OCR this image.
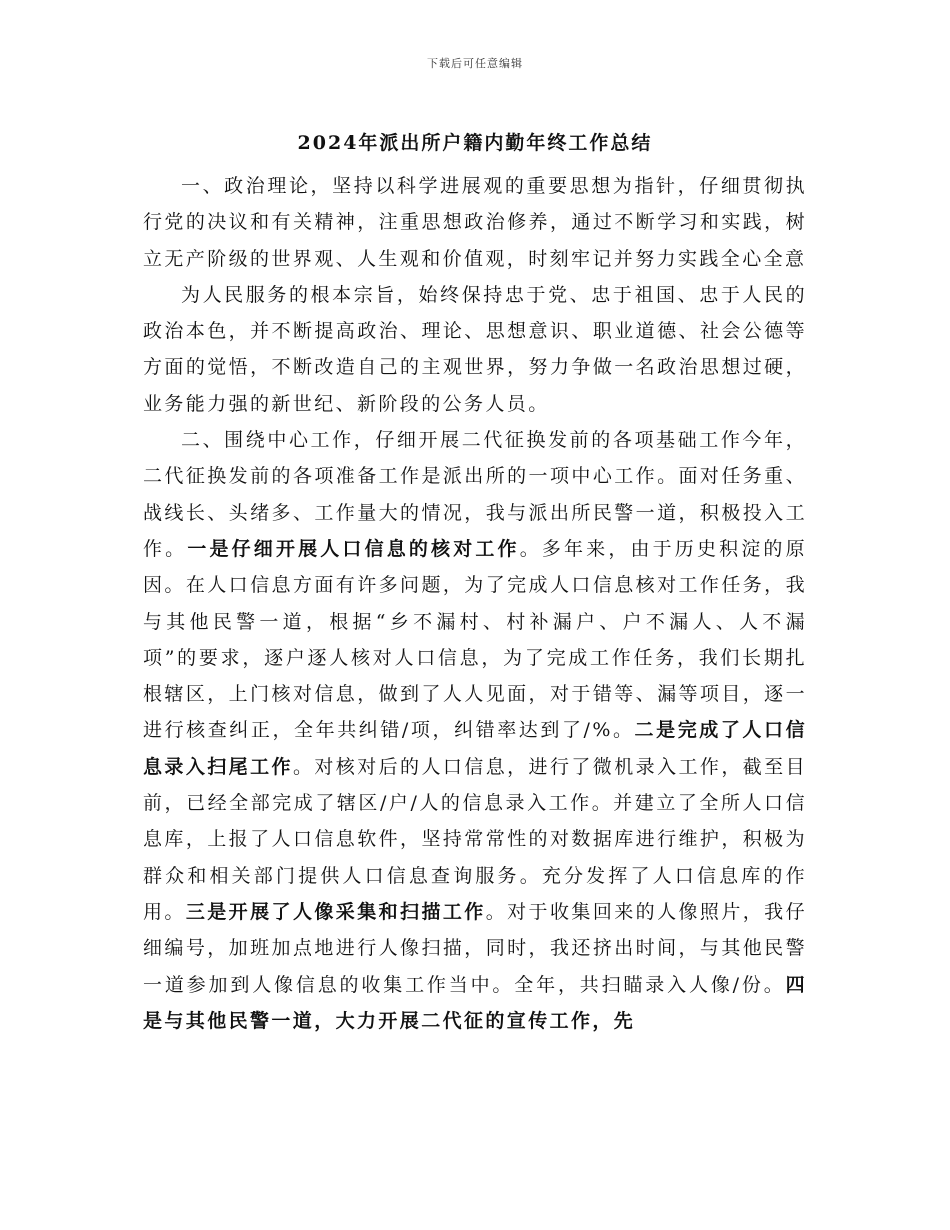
下载后可任意编辑
2024年派出所户籍内勤年终工作总结

一、政治理论，坚持以科学进展观的重要思想为指针，仔细贯彻执行党的决议和有关精神，注重思想政治修养，通过不断学习和实践，树立无产阶级的世界观、人生观和价值观，时刻牢记并努力实践全心全意

为人民服务的根本宗旨，始终保持忠于党、忠于祖国、忠于人民的政治本色，并不断提高政治、理论、思想意识、职业道德、社会公德等方面的觉悟，不断改造自己的主观世界，努力争做一名政治思想过硬，业务能力强的新世纪、新阶段的公务人员。

二、围绕中心工作，仔细开展二代征换发前的各项基础工作今年，二代征换发前的各项准备工作是派出所的一项中心工作。面对任务重、战线长、头绪多、工作量大的情况，我与派出所民警一道，积极投入工作。一是仔细开展人口信息的核对工作。多年来，由于历史积淀的原因。在人口信息方面有许多问题，为了完成人口信息核对工作任务，我与其他民警一道，根据“乡不漏村、村补漏户、户不漏人、人不漏项”的要求，逐户逐人核对人口信息，为了完成工作任务，我们长期扎根辖区，上门核对信息，做到了人人见面，对于错等、漏等项目，逐一进行核查纠正，全年共纠错/项，纠错率达到了/%。二是完成了人口信息录入扫尾工作。对核对后的人口信息，进行了微机录入工作，截至目前，已经全部完成了辖区/户/人的信息录入工作。并建立了全所人口信息库，上报了人口信息软件，坚持常常性的对数据库进行维护，积极为群众和相关部门提供人口信息查询服务。充分发挥了人口信息库的作用。三是开展了人像采集和扫描工作。对于收集回来的人像照片，我仔细编号，加班加点地进行人像扫描，同时，我还挤出时间，与其他民警一道参加到人像信息的收集工作当中。全年，共扫瞄录入人像/份。四是与其他民警一道，大力开展二代征的宣传工作，先
